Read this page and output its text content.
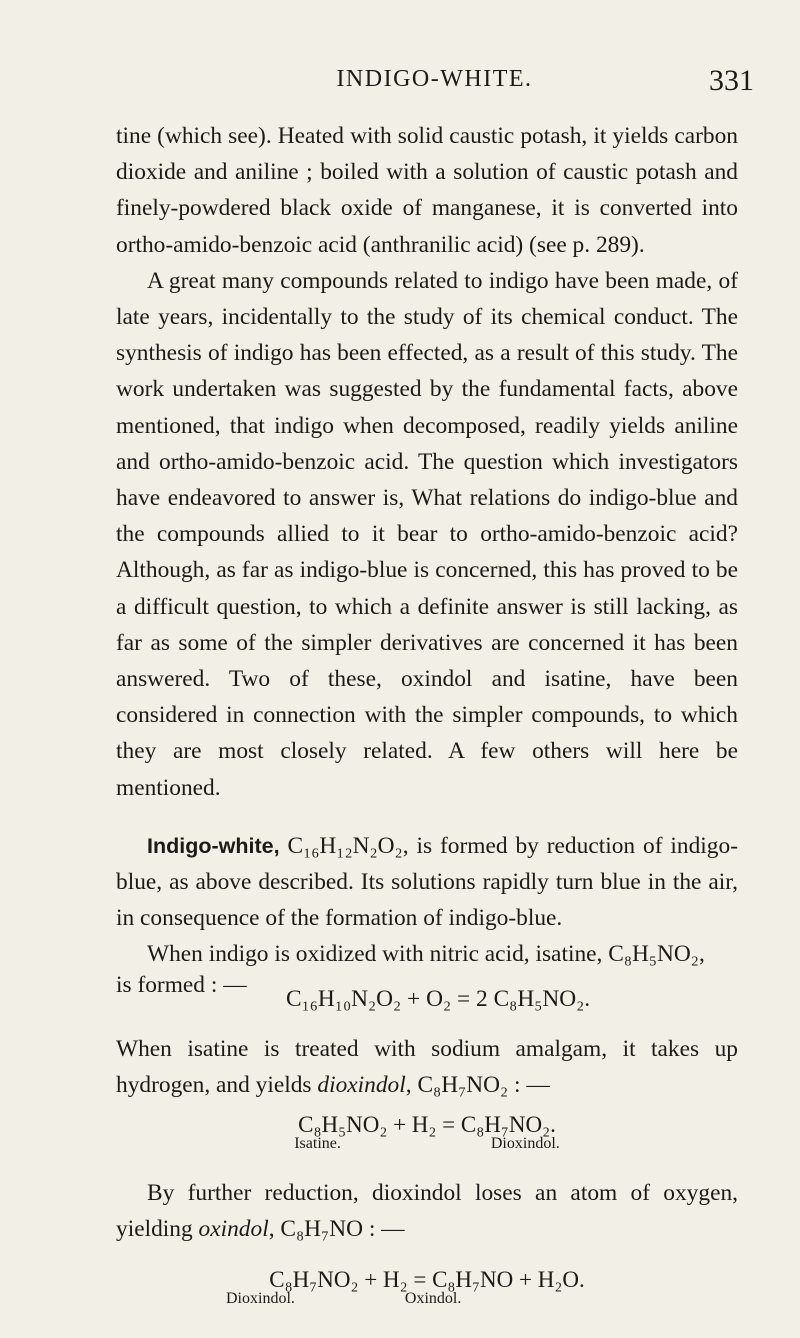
INDIGO-WHITE.	331

tine (which see). Heated with solid caustic potash, it yields carbon dioxide and aniline ; boiled with a solution of caustic potash and finely-powdered black oxide of manganese, it is converted into ortho-amido-benzoic acid (anthranilic acid) (see p. 289).

A great many compounds related to indigo have been made, of late years, incidentally to the study of its chemical conduct. The synthesis of indigo has been effected, as a result of this study. The work undertaken was suggested by the fundamental facts, above mentioned, that indigo when decomposed, readily yields aniline and ortho-amido-benzoic acid. The question which investigators have endeavored to answer is, What relations do indigo-blue and the compounds allied to it bear to ortho-amido-benzoic acid? Although, as far as indigo-blue is concerned, this has proved to be a difficult question, to which a definite answer is still lacking, as far as some of the simpler derivatives are concerned it has been answered. Two of these, oxindol and isatine, have been considered in connection with the simpler compounds, to which they are most closely related. A few others will here be mentioned.

Indigo-white, C₁₆H₁₂N₂O₂, is formed by reduction of indigo-blue, as above described. Its solutions rapidly turn blue in the air, in consequence of the formation of indigo-blue.

When indigo is oxidized with nitric acid, isatine, C₈H₅NO₂,

is formed : —
C₁₆H₁₀N₂O₂ + O₂ = 2 C₈H₅NO₂.

When isatine is treated with sodium amalgam, it takes up hydrogen, and yields dioxindol, C₈H₇NO₂ : —

C₈H₅NO₂ + H₂ = C₈H₇NO₂.
Isatine.	Dioxindol.

By further reduction, dioxindol loses an atom of oxygen, yielding oxindol, C₈H₇NO : —

C₈H₇NO₂ + H₂ = C₈H₇NO + H₂O.
Dioxindol.	Oxindol.
